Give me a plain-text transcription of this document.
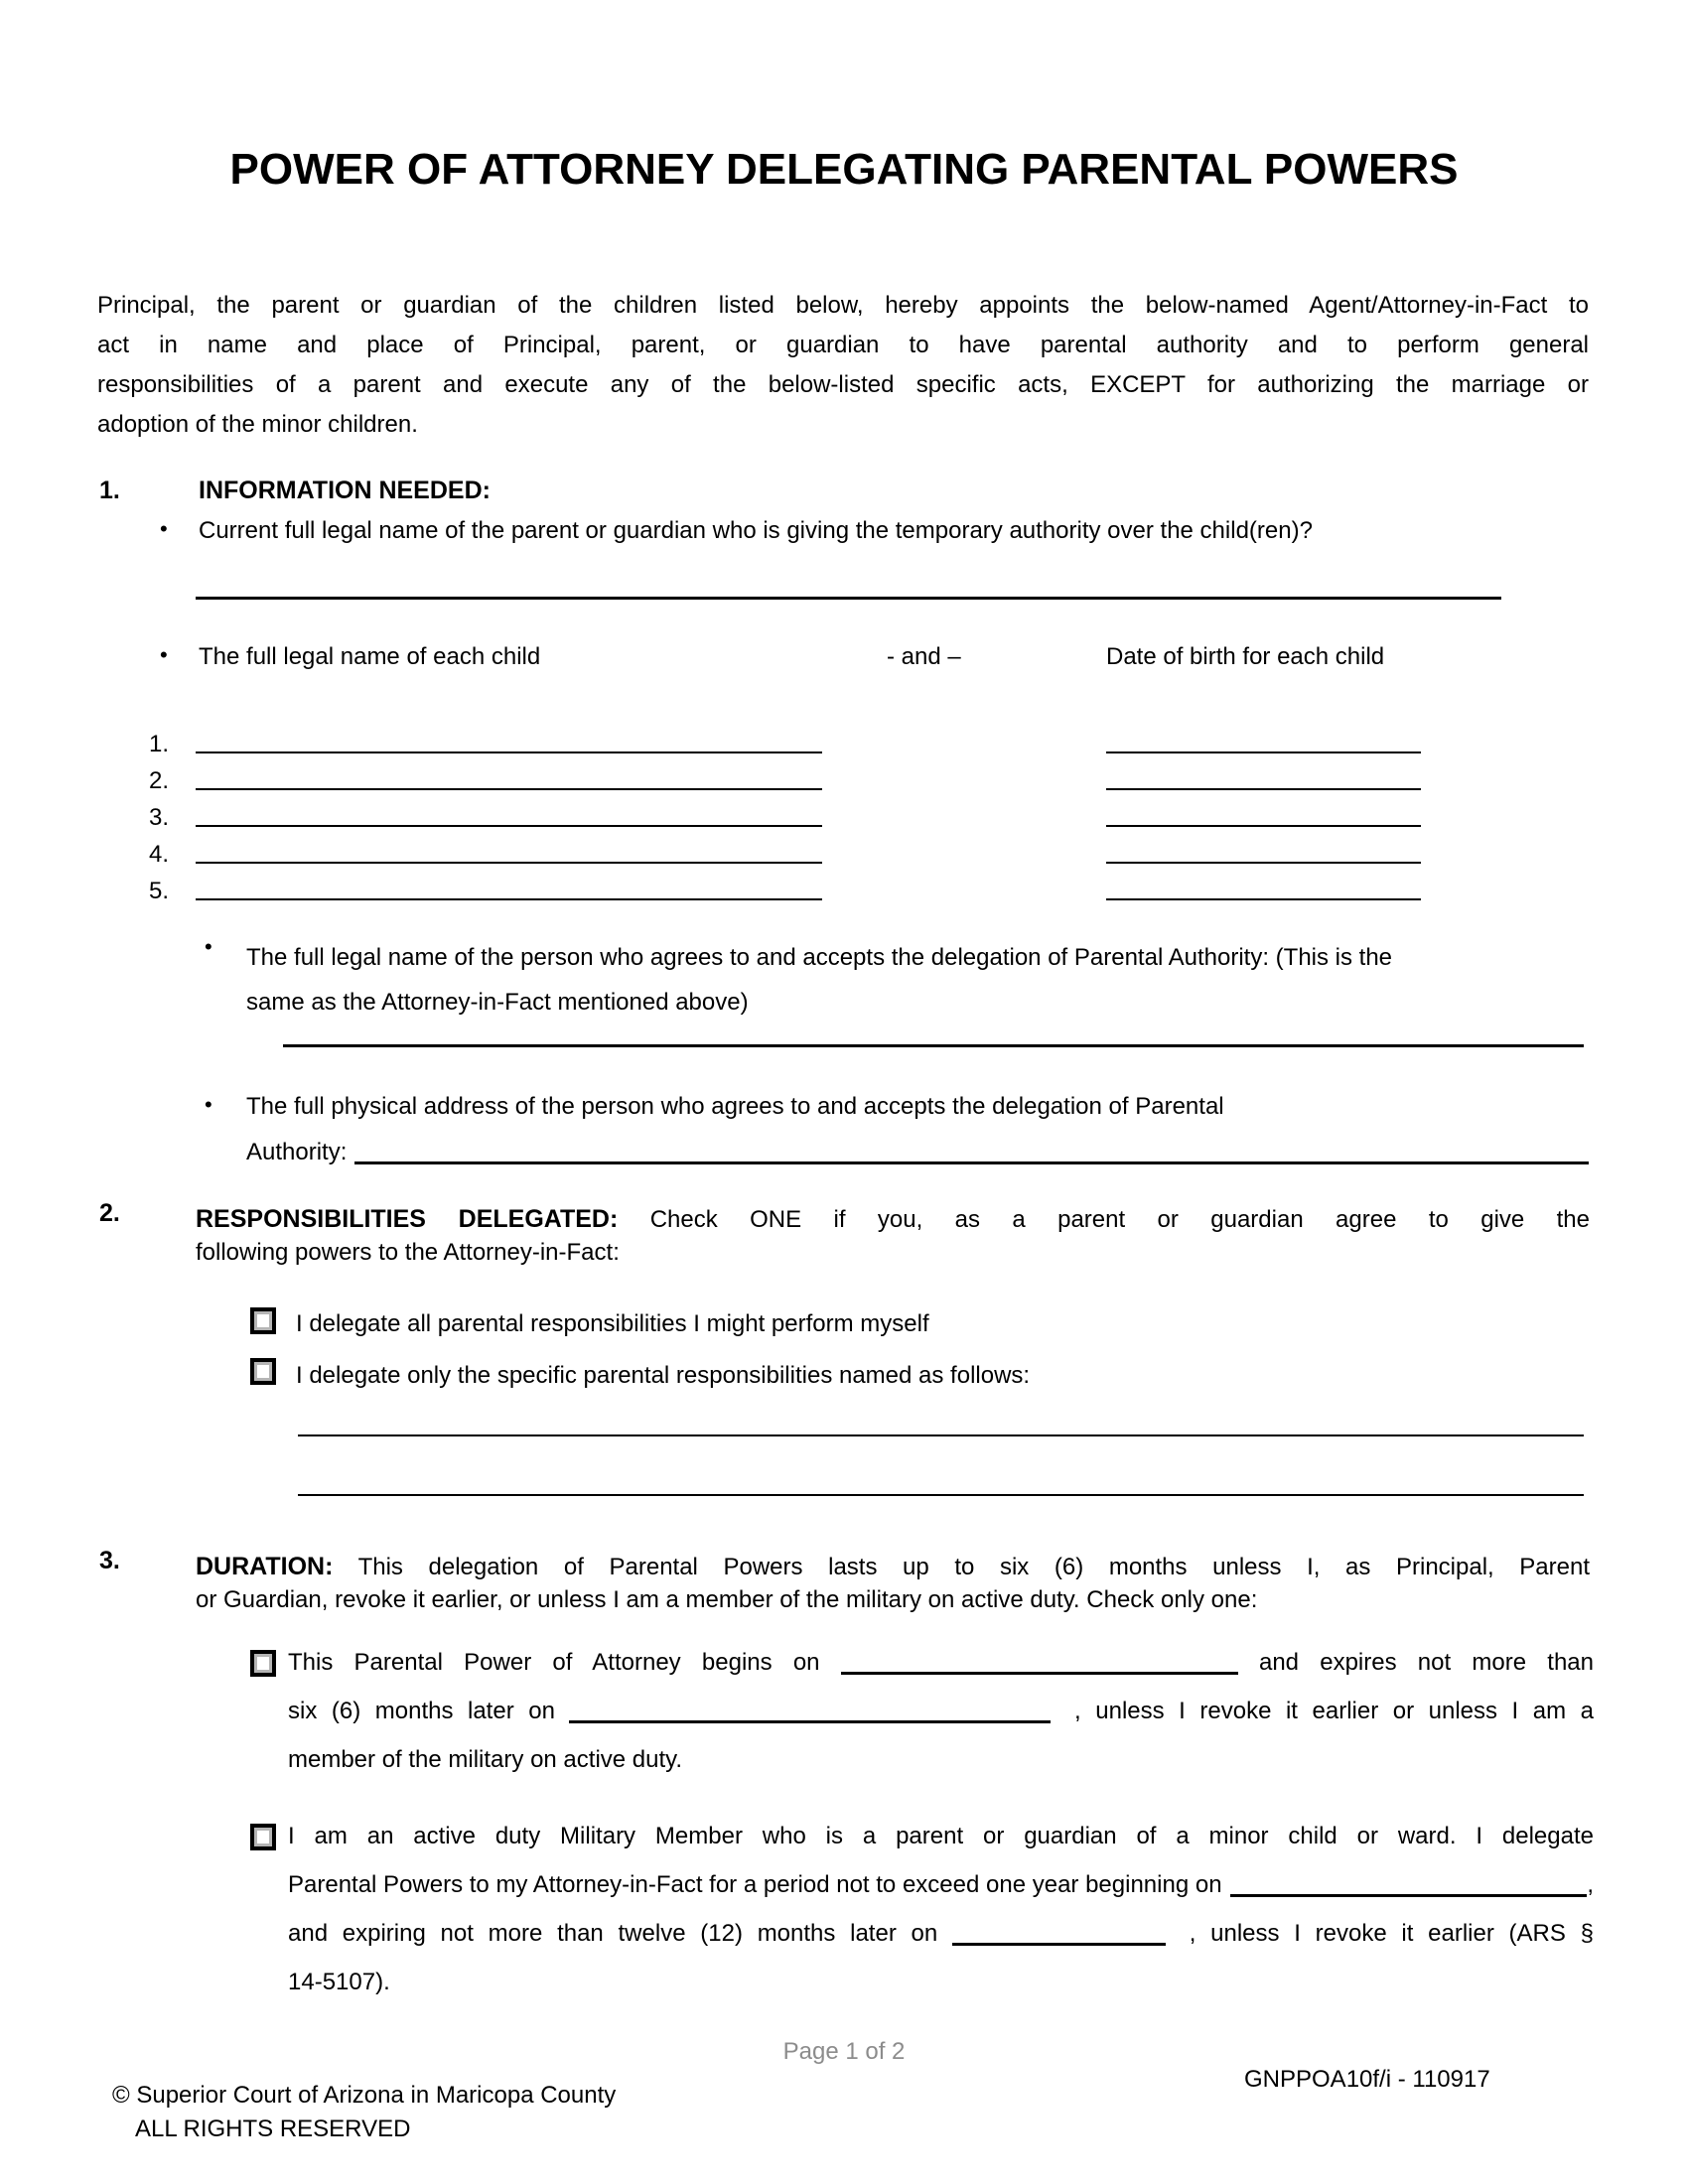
POWER OF ATTORNEY DELEGATING PARENTAL POWERS
Principal, the parent or guardian of the children listed below, hereby appoints the below-named Agent/Attorney-in-Fact to
act in name and place of Principal, parent, or guardian to have parental authority and to perform general
responsibilities of a parent and execute any of the below-listed specific acts, EXCEPT for authorizing the marriage or
adoption of the minor children.
1.	INFORMATION NEEDED:
• Current full legal name of the parent or guardian who is giving the temporary authority over the child(ren)?
• The full legal name of each child	- and –	Date of birth for each child
1.
2.
3.
4.
5.
• The full legal name of the person who agrees to and accepts the delegation of Parental Authority: (This is the
same as the Attorney-in-Fact mentioned above)
• The full physical address of the person who agrees to and accepts the delegation of Parental
Authority:
2.	RESPONSIBILITIES DELEGATED: Check ONE if you, as a parent or guardian agree to give the
following powers to the Attorney-in-Fact:
I delegate all parental responsibilities I might perform myself
I delegate only the specific parental responsibilities named as follows:
3.	DURATION: This delegation of Parental Powers lasts up to six (6) months unless I, as Principal, Parent
or Guardian, revoke it earlier, or unless I am a member of the military on active duty. Check only one:
This Parental Power of Attorney begins on	and expires not more than
six (6) months later on	, unless I revoke it earlier or unless I am a
member of the military on active duty.
I am an active duty Military Member who is a parent or guardian of a minor child or ward. I delegate
Parental Powers to my Attorney-in-Fact for a period not to exceed one year beginning on	,
and expiring not more than twelve (12) months later on	, unless I revoke it earlier (ARS §
14-5107).
Page 1 of 2
GNPPOA10f/i - 110917
© Superior Court of Arizona in Maricopa County
ALL RIGHTS RESERVED
